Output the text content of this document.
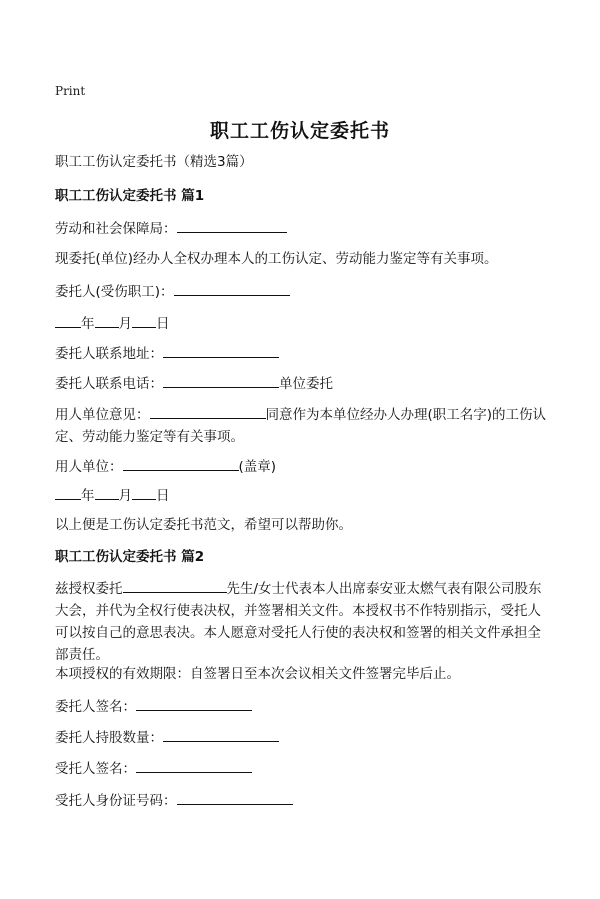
Print
职工工伤认定委托书
职工工伤认定委托书（精选3篇）
职工工伤认定委托书 篇1
劳动和社会保障局：
现委托(单位)经办人全权办理本人的工伤认定、劳动能力鉴定等有关事项。
委托人(受伤职工)：
年 月 日
委托人联系地址：
委托人联系电话：	单位委托
用人单位意见：	同意作为本单位经办人办理(职工名字)的工伤认定、劳动能力鉴定等有关事项。
用人单位：	(盖章)
年 月 日
以上便是工伤认定委托书范文，希望可以帮助你。
职工工伤认定委托书 篇2
兹授权委托	先生/女士代表本人出席泰安亚太燃气表有限公司股东大会，并代为全权行使表决权，并签署相关文件。本授权书不作特别指示，受托人可以按自己的意思表决。本人愿意对受托人行使的表决权和签署的相关文件承担全部责任。
本项授权的有效期限：自签署日至本次会议相关文件签署完毕后止。
委托人签名：
委托人持股数量：
受托人签名：
受托人身份证号码：
